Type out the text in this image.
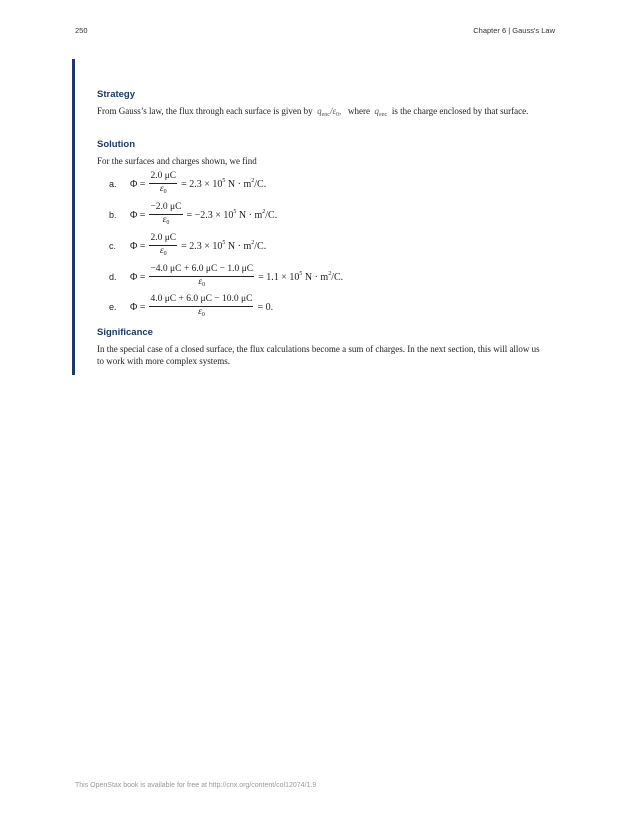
250	Chapter 6 | Gauss's Law
Strategy
From Gauss’s law, the flux through each surface is given by $q_{enc}/\varepsilon_0$, where $q_{enc}$ is the charge enclosed by that surface.
Solution
For the surfaces and charges shown, we find
a. $\Phi = \frac{2.0 \mu C}{\varepsilon_0} = 2.3 \times 10^5$ $N \cdot m^2/C$.
b. $\Phi = \frac{-2.0 \mu C}{\varepsilon_0} = -2.3 \times 10^5$ $N \cdot m^2/C$.
c. $\Phi = \frac{2.0 \mu C}{\varepsilon_0} = 2.3 \times 10^5$ $N \cdot m^2/C$.
d. $\Phi = \frac{-4.0 \mu C + 6.0 \mu C - 1.0 \mu C}{\varepsilon_0} = 1.1 \times 10^5$ $N \cdot m^2/C$.
e. $\Phi = \frac{4.0 \mu C + 6.0 \mu C - 10.0 \mu C}{\varepsilon_0} = 0$.
Significance
In the special case of a closed surface, the flux calculations become a sum of charges. In the next section, this will allow us to work with more complex systems.
This OpenStax book is available for free at http://cnx.org/content/col12074/1.9
